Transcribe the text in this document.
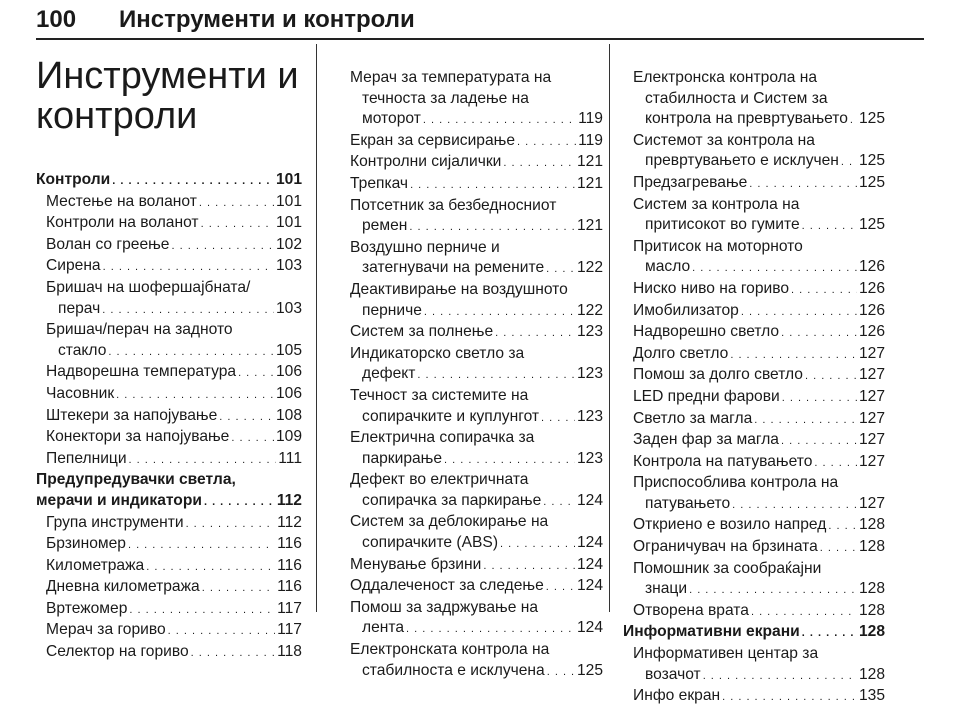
100 Инструменти и контроли
Инструменти и
контроли
Контроли . . .	101
Местење на воланот . . .	101
Контроли на воланот . . .	101
Волан со греење . . .	102
Сирена . . .	103
Бришач на шофершајбната/
перач . . .	103
Бришач/перач на задното
стакло . . .	105
Надворешна температура . . .	106
Часовник . . .	106
Штекери за напојување . . .	108
Конектори за напојување . . .	109
Пепелници . . .	111
Предупредувачки светла,
мерачи и индикатори . . .	112
Група инструменти . . .	112
Брзиномер . . .	116
Километража . . .	116
Дневна километража . . .	116
Вртежомер . . .	117
Мерач за гориво . . .	117
Селектор на гориво . . .	118
Мерач за температурата на
течноста за ладење на
моторот . . .	119
Екран за сервисирање . . .	119
Контролни сијалички . . .	121
Трепкач . . .	121
Потсетник за безбедносниот
ремен . . .	121
Воздушно перниче и
затегнувачи на ремените . . . 122
Деактивирање на воздушното
перниче . . .	122
Систем за полнење . . .	123
Индикаторско светло за
дефект . . .	123
Течност за системите на
сопирачките и куплунгот . . . 123
Електрична сопирачка за
паркирање . . .	123
Дефект во електричната
сопирачка за паркирање . . . 124
Систем за деблокирање на
сопирачките (ABS) . . .	124
Менување брзини . . .	124
Оддалеченост за следење . . . 124
Помош за задржување на
лента . . .	124
Електронската контрола на
стабилноста е исклучена . . . 125
Електронска контрола на
стабилноста и Систем за
контрола на превртувањето . . . 125
Системот за контрола на
превртувањето е исклучен . . . 125
Предзагревање . . .	125
Систем за контрола на
притисокот во гумите . . .	125
Притисок на моторното
масло . . .	126
Ниско ниво на гориво . . .	126
Имобилизатор . . .	126
Надворешно светло . . .	126
Долго светло . . .	127
Помош за долго светло . . .	127
LED предни фарови . . .	127
Светло за магла . . .	127
Заден фар за магла . . .	127
Контрола на патувањето . . .	127
Приспособлива контрола на
патувањето . . .	127
Откриено е возило напред . . . 128
Ограничувач на брзината . . .	128
Помошник за сообраќајни
знаци . . .	128
Отворена врата . . .	128
Информативни екрани . . .	128
Информативен центар за
возачот . . .	128
Инфо екран . . .	135
